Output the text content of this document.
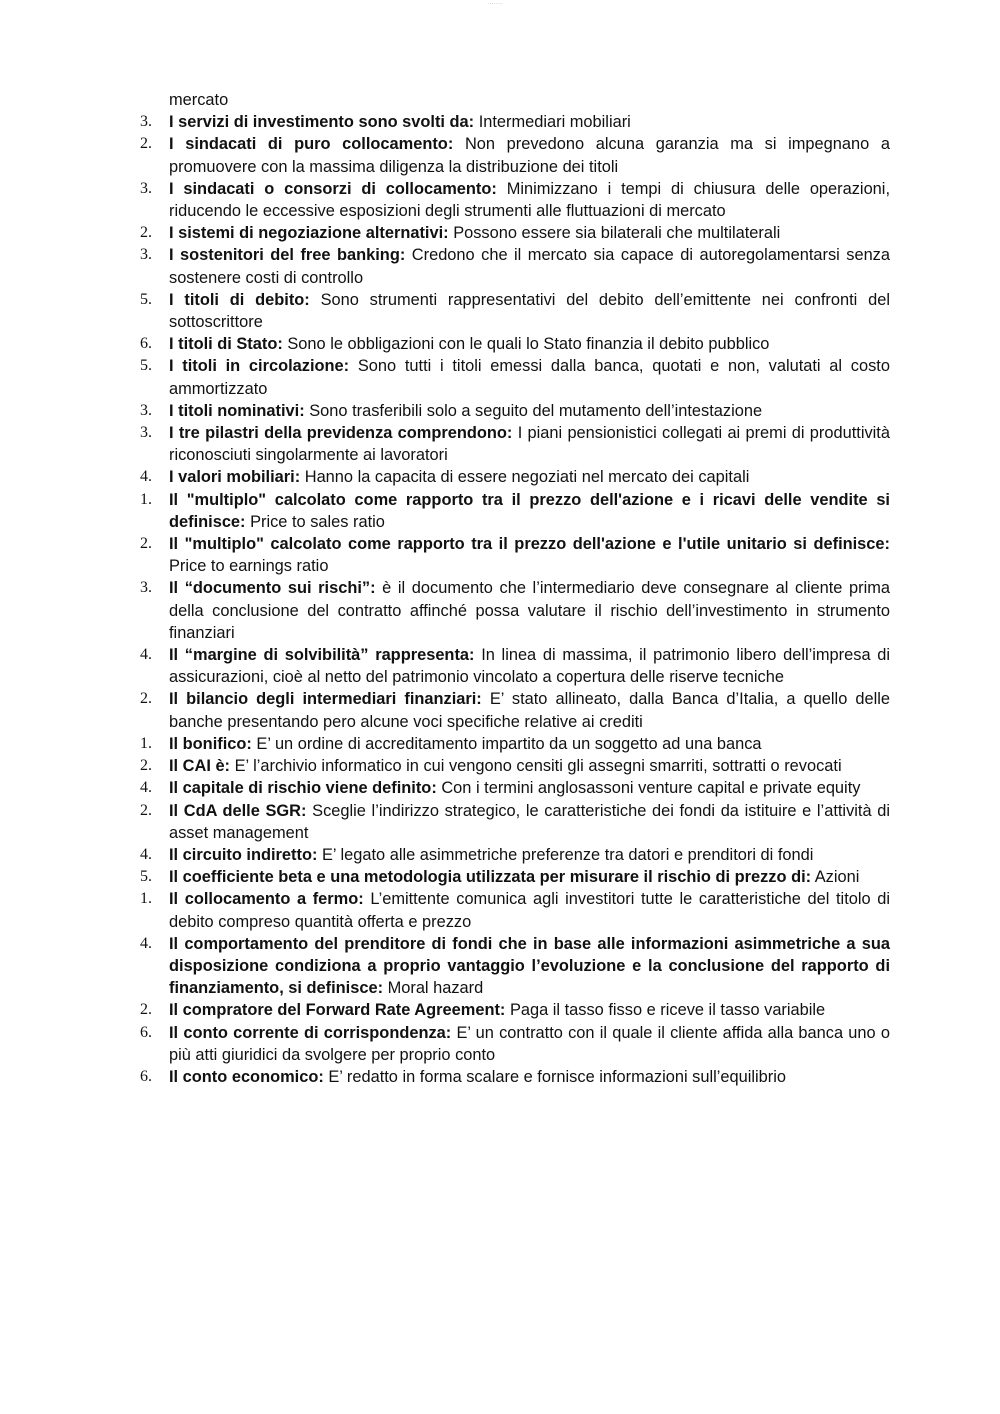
........
mercato
3. I servizi di investimento sono svolti da: Intermediari mobiliari
2. I sindacati di puro collocamento: Non prevedono alcuna garanzia ma si impegnano a promuovere con la massima diligenza la distribuzione dei titoli
3. I sindacati o consorzi di collocamento: Minimizzano i tempi di chiusura delle operazioni, riducendo le eccessive esposizioni degli strumenti alle fluttuazioni di mercato
2. I sistemi di negoziazione alternativi: Possono essere sia bilaterali che multilaterali
3. I sostenitori del free banking: Credono che il mercato sia capace di autoregolamentarsi senza sostenere costi di controllo
5. I titoli di debito: Sono strumenti rappresentativi del debito dell’emittente nei confronti del sottoscrittore
6. I titoli di Stato: Sono le obbligazioni con le quali lo Stato finanzia il debito pubblico
5. I titoli in circolazione: Sono tutti i titoli emessi dalla banca, quotati e non, valutati al costo ammortizzato
3. I titoli nominativi: Sono trasferibili solo a seguito del mutamento dell’intestazione
3. I tre pilastri della previdenza comprendono: I piani pensionistici collegati ai premi di produttività riconosciuti singolarmente ai lavoratori
4. I valori mobiliari: Hanno la capacita di essere negoziati nel mercato dei capitali
1. Il "multiplo" calcolato come rapporto tra il prezzo dell'azione e i ricavi delle vendite si definisce: Price to sales ratio
2. Il "multiplo" calcolato come rapporto tra il prezzo dell'azione e l'utile unitario si definisce: Price to earnings ratio
3. Il “documento sui rischi”: è il documento che l’intermediario deve consegnare al cliente prima della conclusione del contratto affinché possa valutare il rischio dell’investimento in strumento finanziari
4. Il “margine di solvibilità” rappresenta: In linea di massima, il patrimonio libero dell’impresa di assicurazioni, cioè al netto del patrimonio vincolato a copertura delle riserve tecniche
2. Il bilancio degli intermediari finanziari: E’ stato allineato, dalla Banca d’Italia, a quello delle banche presentando pero alcune voci specifiche relative ai crediti
1. Il bonifico: E’ un ordine di accreditamento impartito da un soggetto ad una banca
2. Il CAI è: E’ l’archivio informatico in cui vengono censiti gli assegni smarriti, sottratti o revocati
4. Il capitale di rischio viene definito: Con i termini anglosassoni venture capital e private equity
2. Il CdA delle SGR: Sceglie l’indirizzo strategico, le caratteristiche dei fondi da istituire e l’attività di asset management
4. Il circuito indiretto: E’ legato alle asimmetriche preferenze tra datori e prenditori di fondi
5. Il coefficiente beta e una metodologia utilizzata per misurare il rischio di prezzo di: Azioni
1. Il collocamento a fermo: L’emittente comunica agli investitori tutte le caratteristiche del titolo di debito compreso quantità offerta e prezzo
4. Il comportamento del prenditore di fondi che in base alle informazioni asimmetriche a sua disposizione condiziona a proprio vantaggio l’evoluzione e la conclusione del rapporto di finanziamento, si definisce: Moral hazard
2. Il compratore del Forward Rate Agreement: Paga il tasso fisso e riceve il tasso variabile
6. Il conto corrente di corrispondenza: E’ un contratto con il quale il cliente affida alla banca uno o più atti giuridici da svolgere per proprio conto
6. Il conto economico: E’ redatto in forma scalare e fornisce informazioni sull’equilibrio
